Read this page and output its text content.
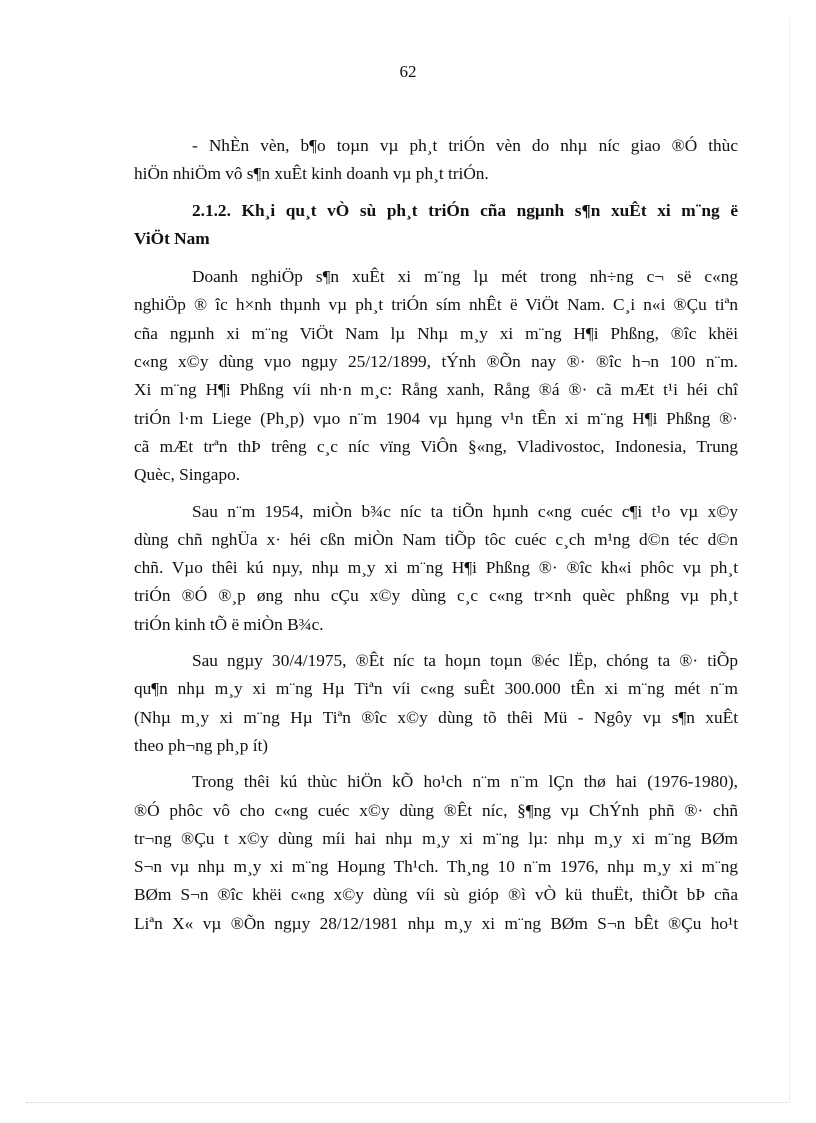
62
- NhÈn vèn, b¶o toµn vµ ph¸t triÓn vèn do nhµ níc giao ®Ó thùc
hiÖn nhiÖm vô s¶n xuÊt kinh doanh vµ ph¸t triÓn.
2.1.2. Kh¸i qu¸t vÒ sù ph¸t triÓn cña ngµnh s¶n xuÊt xi m¨ng ë
ViÖt Nam
Doanh nghiÖp s¶n xuÊt xi m¨ng lµ mét trong nh÷ng c¬ së c«ng
nghiÖp ® îc h×nh thµnh vµ ph¸t triÓn sím nhÊt ë ViÖt Nam. C¸i n«i ®Çu tiªn
cña ngµnh xi m¨ng ViÖt Nam lµ Nhµ m¸y xi m¨ng H¶i Phßng, ®îc khëi
c«ng x©y dùng vµo ngµy 25/12/1899, tÝnh ®Õn nay ®· ®îc h¬n 100 n¨m.
Xi m¨ng H¶i Phßng víi nh·n m¸c: Rång xanh, Rång ®á ®· cã mÆt t¹i héi chî
triÓn l·m Liege (Ph¸p) vµo n¨m 1904 vµ hµng v¹n tÊn xi m¨ng H¶i Phßng ®·
cã mÆt trªn thÞ trêng c¸c níc vïng ViÔn §«ng, Vladivostoc, Indonesia, Trung
Quèc, Singapo.
Sau n¨m 1954, miÒn b¾c níc ta tiÕn hµnh c«ng cuéc c¶i t¹o vµ x©y
dùng chñ nghÜa x· héi cßn miÒn Nam tiÕp tôc cuéc c¸ch m¹ng d©n téc d©n
chñ. Vµo thêi kú nµy, nhµ m¸y xi m¨ng H¶i Phßng ®· ®îc kh«i phôc vµ ph¸t
triÓn ®Ó ®¸p øng nhu cÇu x©y dùng c¸c c«ng tr×nh quèc phßng vµ ph¸t
triÓn kinh tÕ ë miÒn B¾c.
Sau ngµy 30/4/1975, ®Êt níc ta hoµn toµn ®éc lËp, chóng ta ®· tiÕp
qu¶n nhµ m¸y xi m¨ng Hµ Tiªn víi c«ng suÊt 300.000 tÊn xi m¨ng mét n¨m
(Nhµ m¸y xi m¨ng Hµ Tiªn ®îc x©y dùng tõ thêi Mü - Ngôy vµ s¶n xuÊt
theo ph¬ng ph¸p ít)
Trong thêi kú thùc hiÖn kÕ ho¹ch n¨m n¨m lÇn thø hai (1976-1980),
®Ó phôc vô cho c«ng cuéc x©y dùng ®Êt níc, §¶ng vµ ChÝnh phñ ®· chñ
tr¬ng ®Çu t x©y dùng míi hai nhµ m¸y xi m¨ng lµ: nhµ m¸y xi m¨ng BØm
S¬n vµ nhµ m¸y xi m¨ng Hoµng Th¹ch. Th¸ng 10 n¨m 1976, nhµ m¸y xi m¨ng
BØm S¬n ®îc khëi c«ng x©y dùng víi sù gióp ®ì vÒ kü thuËt, thiÕt bÞ cña
Liªn X« vµ ®Õn ngµy 28/12/1981 nhµ m¸y xi m¨ng BØm S¬n bÊt ®Çu ho¹t
